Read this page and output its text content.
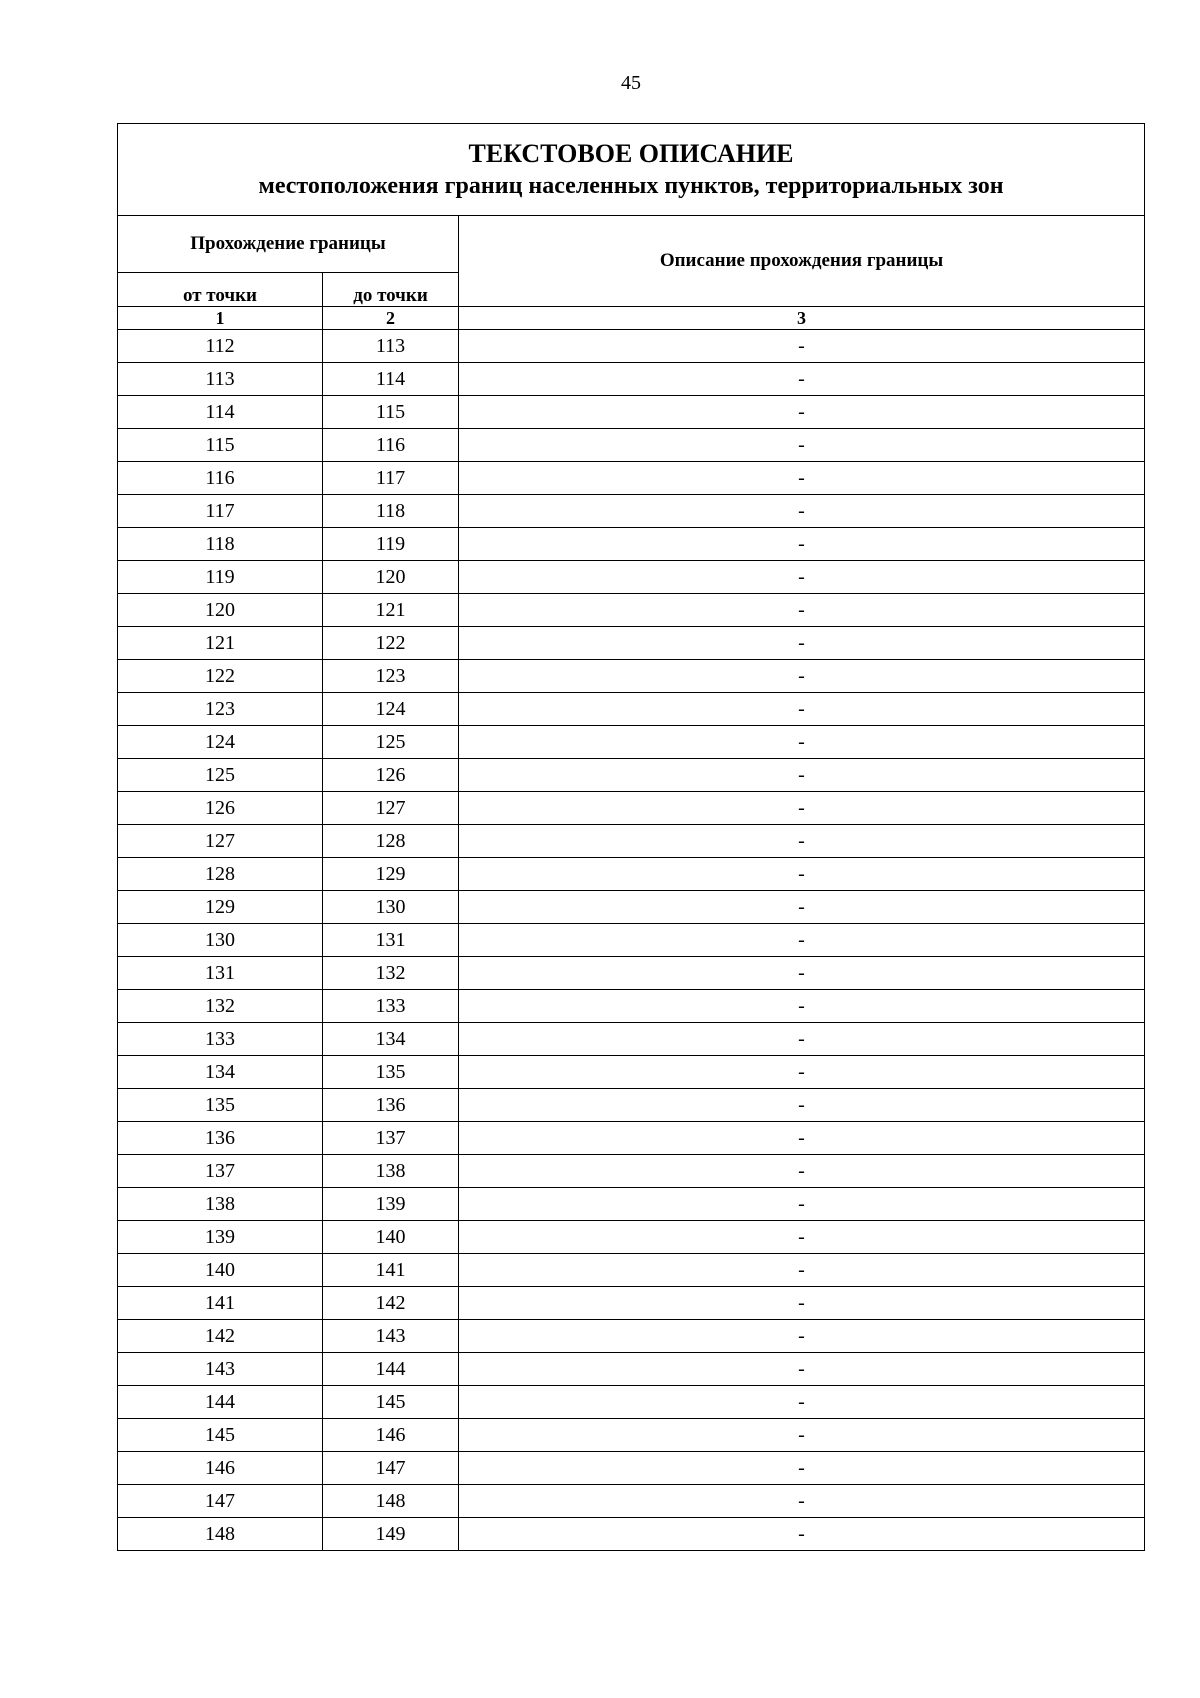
45
ТЕКСТОВОЕ ОПИСАНИЕ
местоположения границ населенных пунктов, территориальных зон		

Прохождение границы		Описание прохождения границы
от точки	до точки	
1	2	3
112	113	-
113	114	-
114	115	-
115	116	-
116	117	-
117	118	-
118	119	-
119	120	-
120	121	-
121	122	-
122	123	-
123	124	-
124	125	-
125	126	-
126	127	-
127	128	-
128	129	-
129	130	-
130	131	-
131	132	-
132	133	-
133	134	-
134	135	-
135	136	-
136	137	-
137	138	-
138	139	-
139	140	-
140	141	-
141	142	-
142	143	-
143	144	-
144	145	-
145	146	-
146	147	-
147	148	-
148	149	-
